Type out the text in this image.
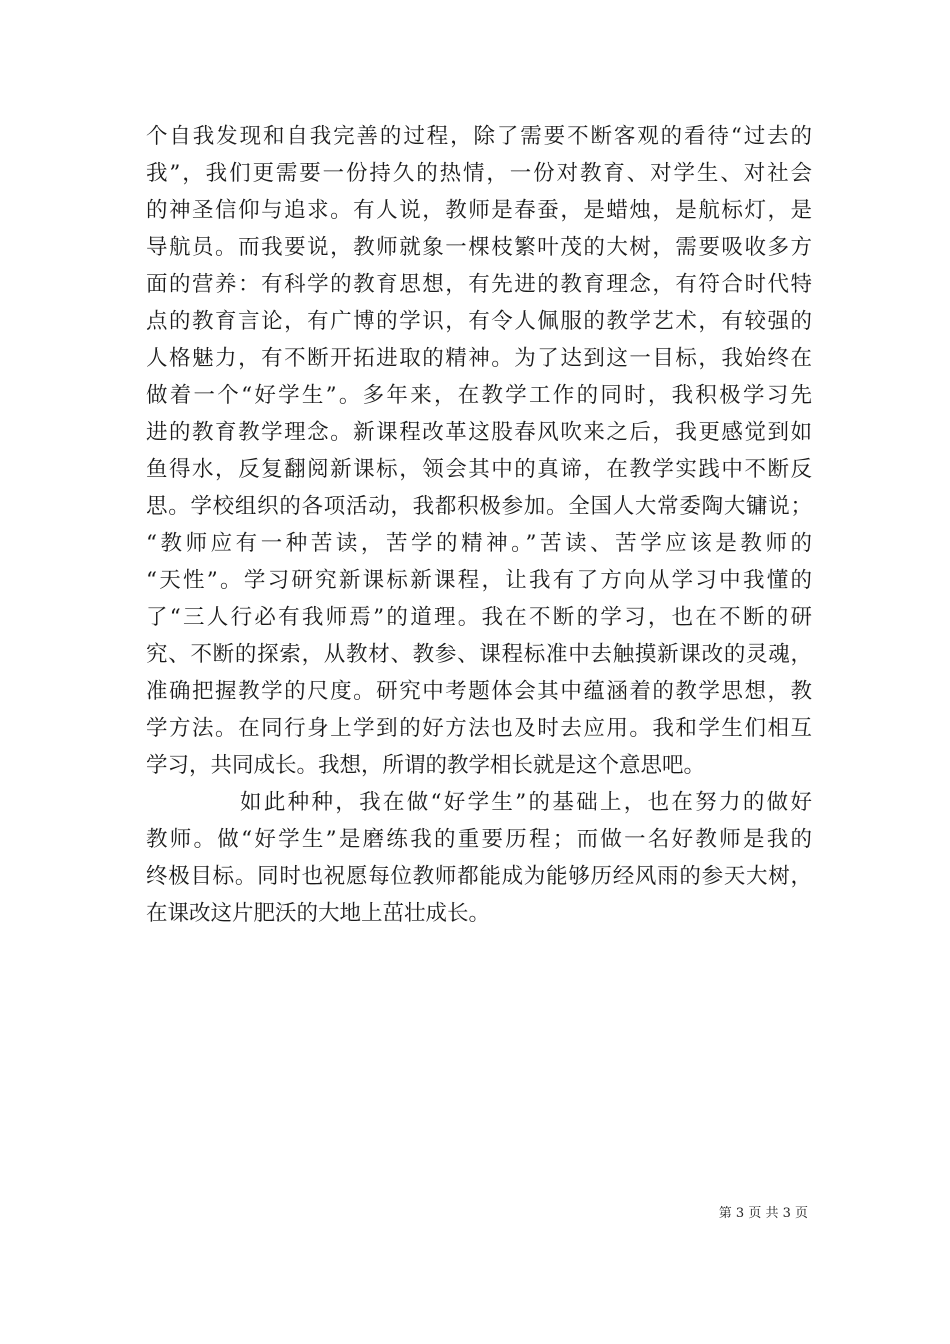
个自我发现和自我完善的过程，除了需要不断客观的看待“过去的
我”，我们更需要一份持久的热情，一份对教育、对学生、对社会
的神圣信仰与追求。有人说，教师是春蚕，是蜡烛，是航标灯，是
导航员。而我要说，教师就象一棵枝繁叶茂的大树，需要吸收多方
面的营养：有科学的教育思想，有先进的教育理念，有符合时代特
点的教育言论，有广博的学识，有令人佩服的教学艺术，有较强的
人格魅力，有不断开拓进取的精神。为了达到这一目标，我始终在
做着一个“好学生”。多年来，在教学工作的同时，我积极学习先
进的教育教学理念。新课程改革这股春风吹来之后，我更感觉到如
鱼得水，反复翻阅新课标，领会其中的真谛，在教学实践中不断反
思。学校组织的各项活动，我都积极参加。全国人大常委陶大镛说；
“教师应有一种苦读，苦学的精神。”苦读、苦学应该是教师的
“天性”。学习研究新课标新课程，让我有了方向从学习中我懂的
了“三人行必有我师焉”的道理。我在不断的学习，也在不断的研
究、不断的探索，从教材、教参、课程标准中去触摸新课改的灵魂，
准确把握教学的尺度。研究中考题体会其中蕴涵着的教学思想，教
学方法。在同行身上学到的好方法也及时去应用。我和学生们相互
学习，共同成长。我想，所谓的教学相长就是这个意思吧。
如此种种，我在做“好学生”的基础上，也在努力的做好
教师。做“好学生”是磨练我的重要历程；而做一名好教师是我的
终极目标。同时也祝愿每位教师都能成为能够历经风雨的参天大树，
在课改这片肥沃的大地上茁壮成长。
第 3 页 共 3 页
